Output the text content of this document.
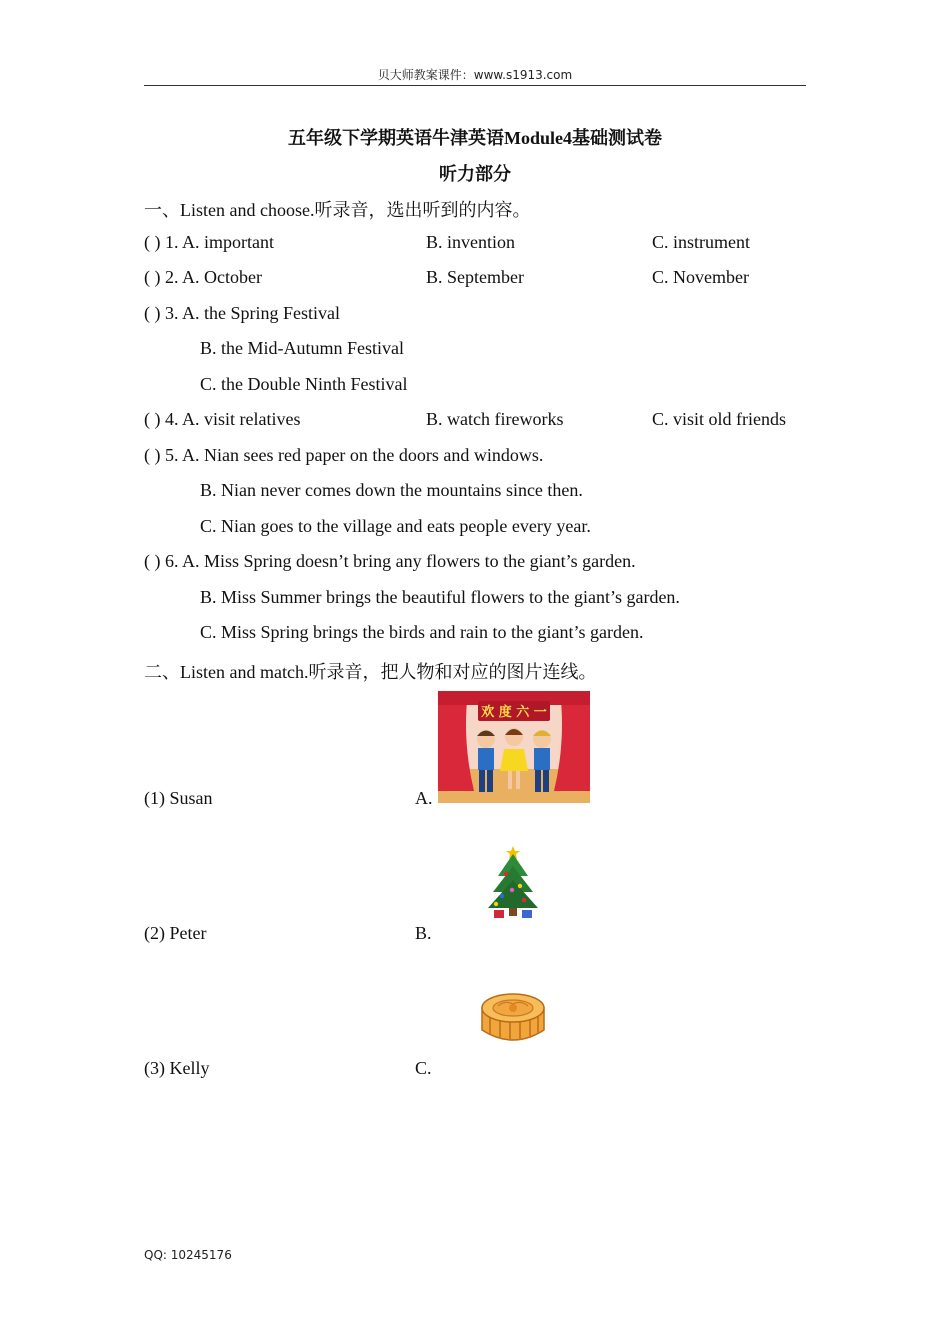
贝大师教案课件：www.s1913.com
五年级下学期英语牛津英语Module4基础测试卷
听力部分
一、Listen and choose.听录音，选出听到的内容。
( ) 1. A. important	B. invention	C. instrument
( ) 2. A. October	B. September	C. November
( ) 3. A. the Spring Festival
B. the Mid-Autumn Festival
C. the Double Ninth Festival
( ) 4. A. visit relatives	B. watch fireworks	C. visit old friends
( ) 5. A. Nian sees red paper on the doors and windows.
B. Nian never comes down the mountains since then.
C. Nian goes to the village and eats people every year.
( ) 6. A. Miss Spring doesn’t bring any flowers to the giant’s garden.
B. Miss Summer brings the beautiful flowers to the giant’s garden.
C. Miss Spring brings the birds and rain to the giant’s garden.
二、Listen and match.听录音，把人物和对应的图片连线。
欢 度 六 一
(1) Susan	A.
(2) Peter	B.
(3) Kelly	C.
QQ: 10245176
